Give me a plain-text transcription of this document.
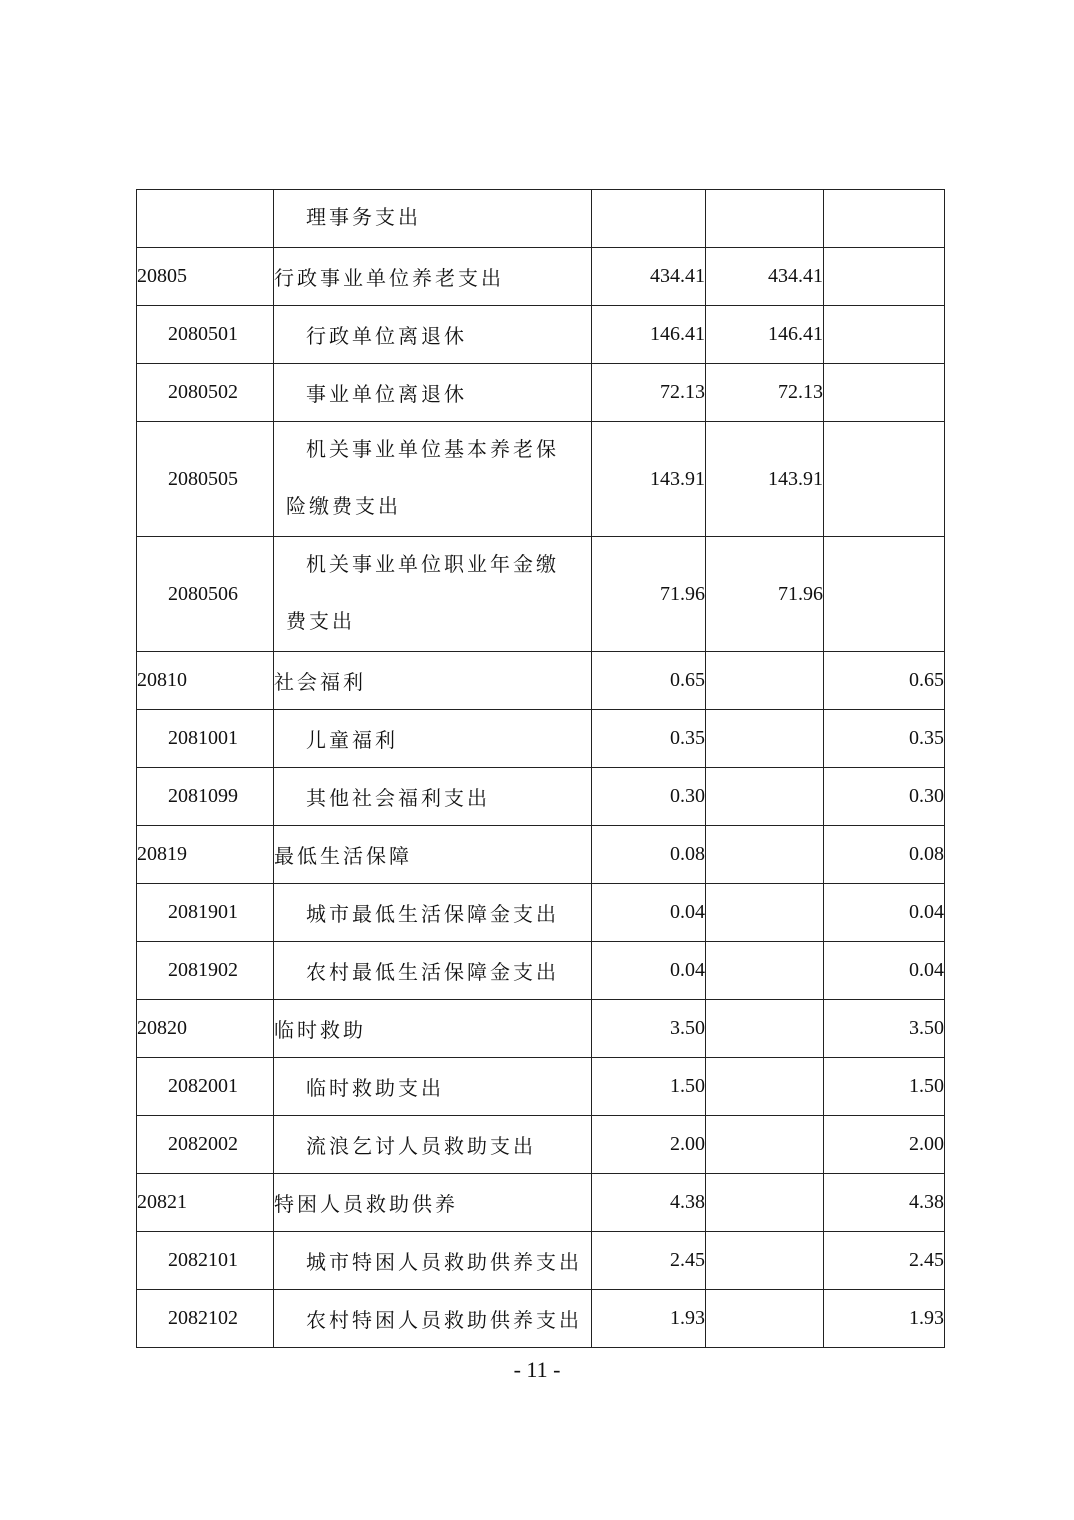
	理事务支出			
20805	行政事业单位养老支出	434.41	434.41	
2080501	行政单位离退休	146.41	146.41	
2080502	事业单位离退休	72.13	72.13	
2080505	机关事业单位基本养老保险缴费支出	143.91	143.91	
2080506	机关事业单位职业年金缴费支出	71.96	71.96	
20810	社会福利	0.65		0.65
2081001	儿童福利	0.35		0.35
2081099	其他社会福利支出	0.30		0.30
20819	最低生活保障	0.08		0.08
2081901	城市最低生活保障金支出	0.04		0.04
2081902	农村最低生活保障金支出	0.04		0.04
20820	临时救助	3.50		3.50
2082001	临时救助支出	1.50		1.50
2082002	流浪乞讨人员救助支出	2.00		2.00
20821	特困人员救助供养	4.38		4.38
2082101	城市特困人员救助供养支出	2.45		2.45
2082102	农村特困人员救助供养支出	1.93		1.93
- 11 -
